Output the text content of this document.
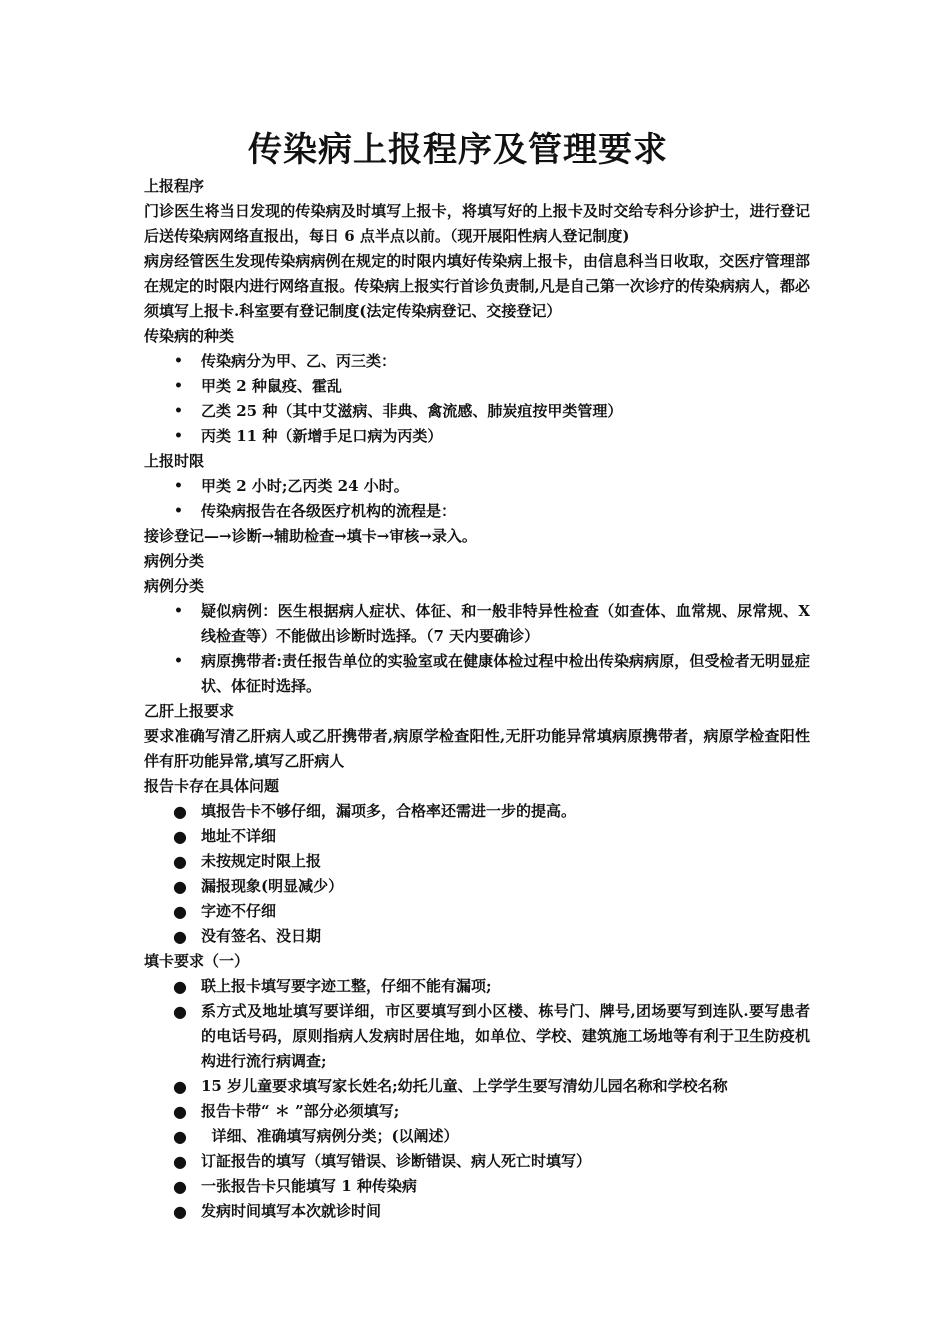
传染病上报程序及管理要求

上报程序

门诊医生将当日发现的传染病及时填写上报卡，将填写好的上报卡及时交给专科分诊护士，进行登记后送传染病网络直报出，每日 6 点半点以前。（现开展阳性病人登记制度)

病房经管医生发现传染病病例在规定的时限内填好传染病上报卡，由信息科当日收取，交医疗管理部在规定的时限内进行网络直报。传染病上报实行首诊负责制,凡是自己第一次诊疗的传染病病人，都必须填写上报卡.科室要有登记制度(法定传染病登记、交接登记）

传染病的种类

• 传染病分为甲、乙、丙三类：
• 甲类 2 种鼠疫、霍乱
• 乙类 25 种（其中艾滋病、非典、禽流感、肺炭疽按甲类管理）
• 丙类 11 种（新增手足口病为丙类）

上报时限

• 甲类 2 小时;乙丙类 24 小时。
• 传染病报告在各级医疗机构的流程是：

接诊登记—→诊断→辅助检查→填卡→审核→录入。

病例分类

病例分类

• 疑似病例：医生根据病人症状、体征、和一般非特异性检查（如查体、血常规、尿常规、X 线检查等）不能做出诊断时选择。（7 天内要确诊）
• 病原携带者:责任报告单位的实验室或在健康体检过程中检出传染病病原，但受检者无明显症状、体征时选择。

乙肝上报要求

要求准确写清乙肝病人或乙肝携带者,病原学检查阳性,无肝功能异常填病原携带者，病原学检查阳性伴有肝功能异常,填写乙肝病人

报告卡存在具体问题

● 填报告卡不够仔细，漏项多，合格率还需进一步的提高。
● 地址不详细
● 未按规定时限上报
● 漏报现象(明显减少）
● 字迹不仔细
● 没有签名、没日期

填卡要求（一）

● 联上报卡填写要字迹工整，仔细不能有漏项;
● 系方式及地址填写要详细，市区要填写到小区楼、栋号门、牌号,团场要写到连队.要写患者的电话号码，原则指病人发病时居住地，如单位、学校、建筑施工场地等有利于卫生防疫机构进行流行病调查;
● 15 岁儿童要求填写家长姓名;幼托儿童、上学学生要写清幼儿园名称和学校名称
● 报告卡带“ ＊ ”部分必须填写;
● 详细、准确填写病例分类；(以阐述）
● 订証报告的填写（填写错误、诊断错误、病人死亡时填写）
● 一张报告卡只能填写 1 种传染病
● 发病时间填写本次就诊时间
